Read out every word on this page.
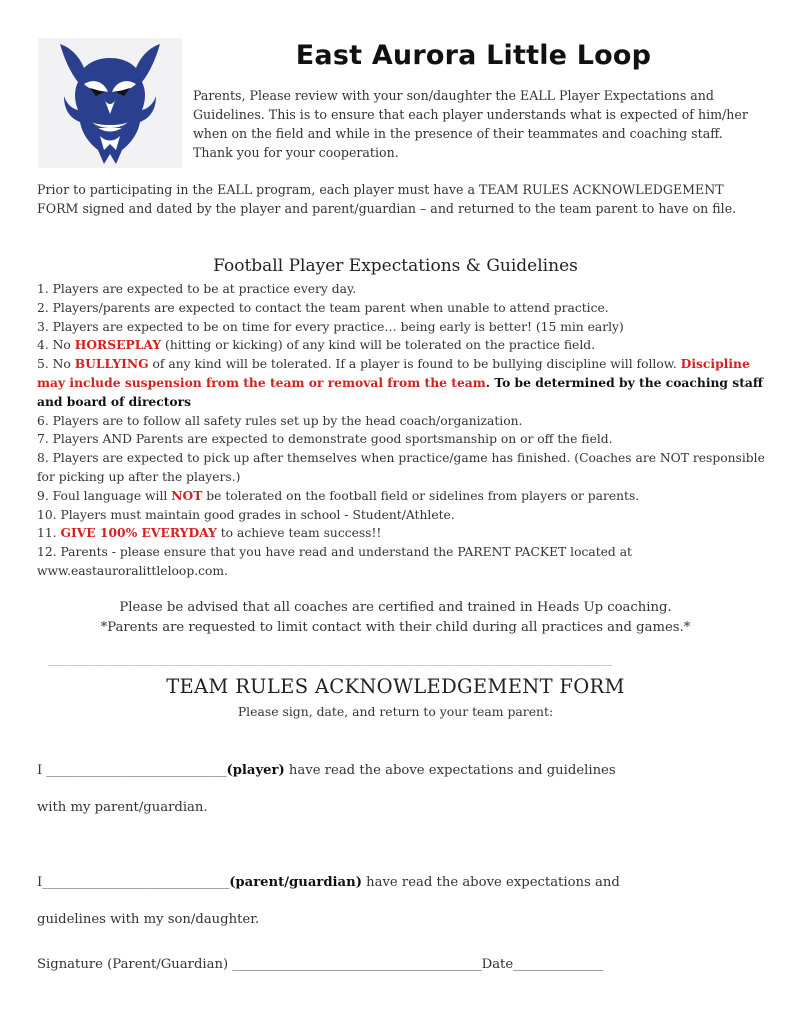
East Aurora Little Loop
Parents, Please review with your son/daughter the EALL Player Expectations and Guidelines. This is to ensure that each player understands what is expected of him/her when on the field and while in the presence of their teammates and coaching staff. Thank you for your cooperation.
Prior to participating in the EALL program, each player must have a TEAM RULES ACKNOWLEDGEMENT FORM signed and dated by the player and parent/guardian – and returned to the team parent to have on file.
Football Player Expectations & Guidelines
1. Players are expected to be at practice every day.
2. Players/parents are expected to contact the team parent when unable to attend practice.
3. Players are expected to be on time for every practice… being early is better! (15 min early)
4. No HORSEPLAY (hitting or kicking) of any kind will be tolerated on the practice field.
5. No BULLYING of any kind will be tolerated. If a player is found to be bullying discipline will follow. Discipline may include suspension from the team or removal from the team. To be determined by the coaching staff and board of directors
6. Players are to follow all safety rules set up by the head coach/organization.
7. Players AND Parents are expected to demonstrate good sportsmanship on or off the field.
8. Players are expected to pick up after themselves when practice/game has finished. (Coaches are NOT responsible for picking up after the players.)
9. Foul language will NOT be tolerated on the football field or sidelines from players or parents.
10. Players must maintain good grades in school - Student/Athlete.
11. GIVE 100% EVERYDAY to achieve team success!!
12. Parents - please ensure that you have read and understand the PARENT PACKET located at www.eastauroralittleloop.com.
Please be advised that all coaches are certified and trained in Heads Up coaching.
*Parents are requested to limit contact with their child during all practices and games.*
_________________________________________________________________________________________________
TEAM RULES ACKNOWLEDGEMENT FORM
Please sign, date, and return to your team parent:
I __________________________(player) have read the above expectations and guidelines
with my parent/guardian.
I___________________________(parent/guardian) have read the above expectations and
guidelines with my son/daughter.
Signature (Parent/Guardian) ____________________________________Date_____________
